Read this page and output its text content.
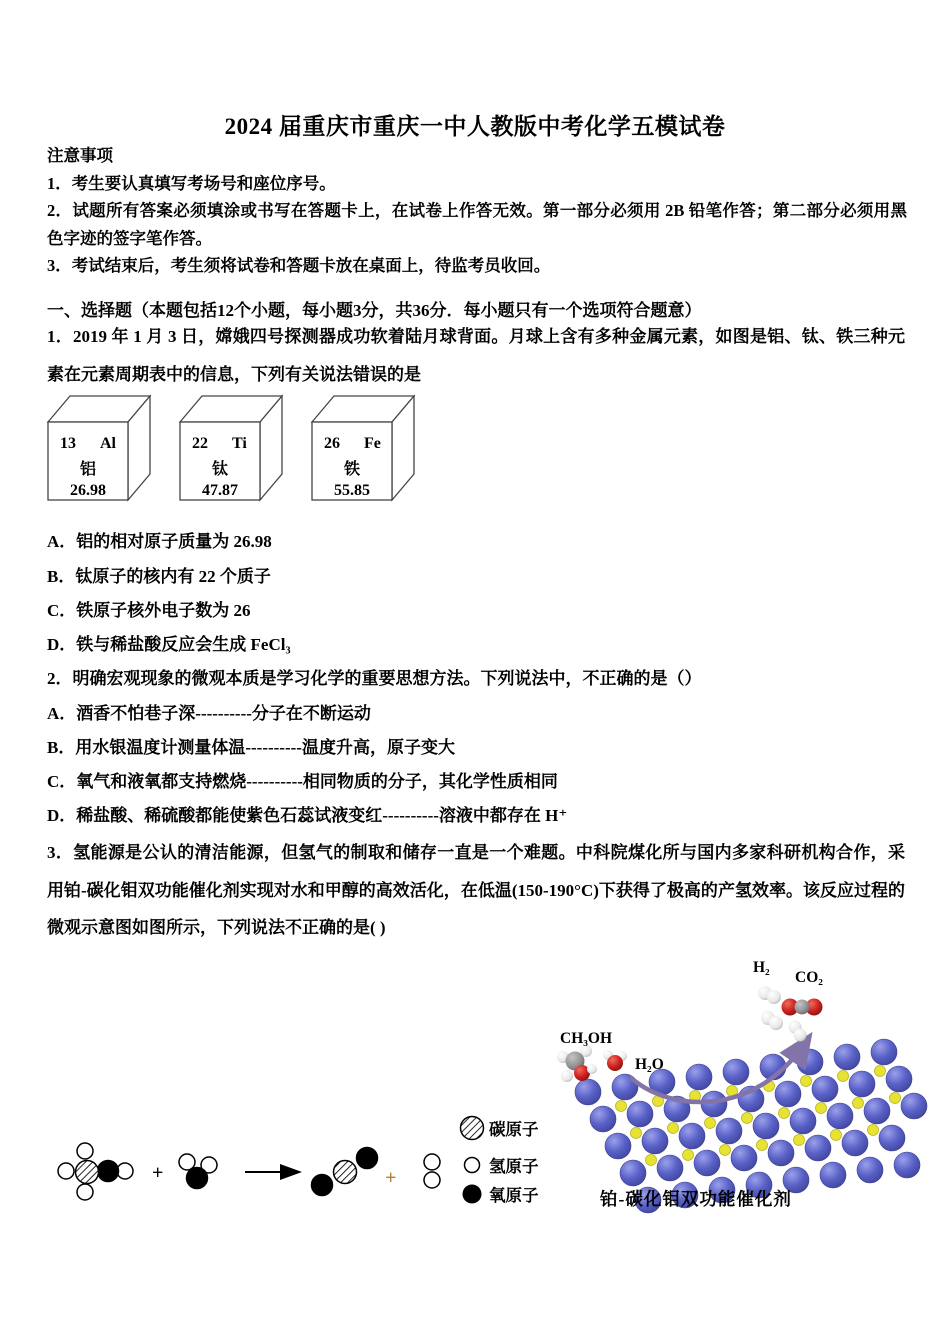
2024 届重庆市重庆一中人教版中考化学五模试卷
注意事项
1．考生要认真填写考场号和座位序号。
2．试题所有答案必须填涂或书写在答题卡上，在试卷上作答无效。第一部分必须用 2B 铅笔作答；第二部分必须用黑色字迹的签字笔作答。
3．考试结束后，考生须将试卷和答题卡放在桌面上，待监考员收回。
一、选择题（本题包括12个小题，每小题3分，共36分．每小题只有一个选项符合题意）
1．2019 年 1 月 3 日，嫦娥四号探测器成功软着陆月球背面。月球上含有多种金属元素，如图是铝、钛、铁三种元素在元素周期表中的信息，下列有关说法错误的是
13 Al
铝
26.98
22 Ti
钛
47.87
26 Fe
铁
55.85
A．铝的相对原子质量为 26.98
B．钛原子的核内有 22 个质子
C．铁原子核外电子数为 26
D．铁与稀盐酸反应会生成 FeCl₃
2．明确宏观现象的微观本质是学习化学的重要思想方法。下列说法中，不正确的是（）
A．酒香不怕巷子深----------分子在不断运动
B．用水银温度计测量体温----------温度升高，原子变大
C．氧气和液氧都支持燃烧----------相同物质的分子，其化学性质相同
D．稀盐酸、稀硫酸都能使紫色石蕊试液变红----------溶液中都存在 H⁺
3．氢能源是公认的清洁能源，但氢气的制取和储存一直是一个难题。中科院煤化所与国内多家科研机构合作，采用铂-碳化钼双功能催化剂实现对水和甲醇的高效活化，在低温(150-190°C)下获得了极高的产氢效率。该反应过程的微观示意图如图所示，下列说法不正确的是( )
+	+
碳原子
氢原子
氧原子
H₂
CO₂
CH₃OH
H₂O
铂-碳化钼双功能催化剂
